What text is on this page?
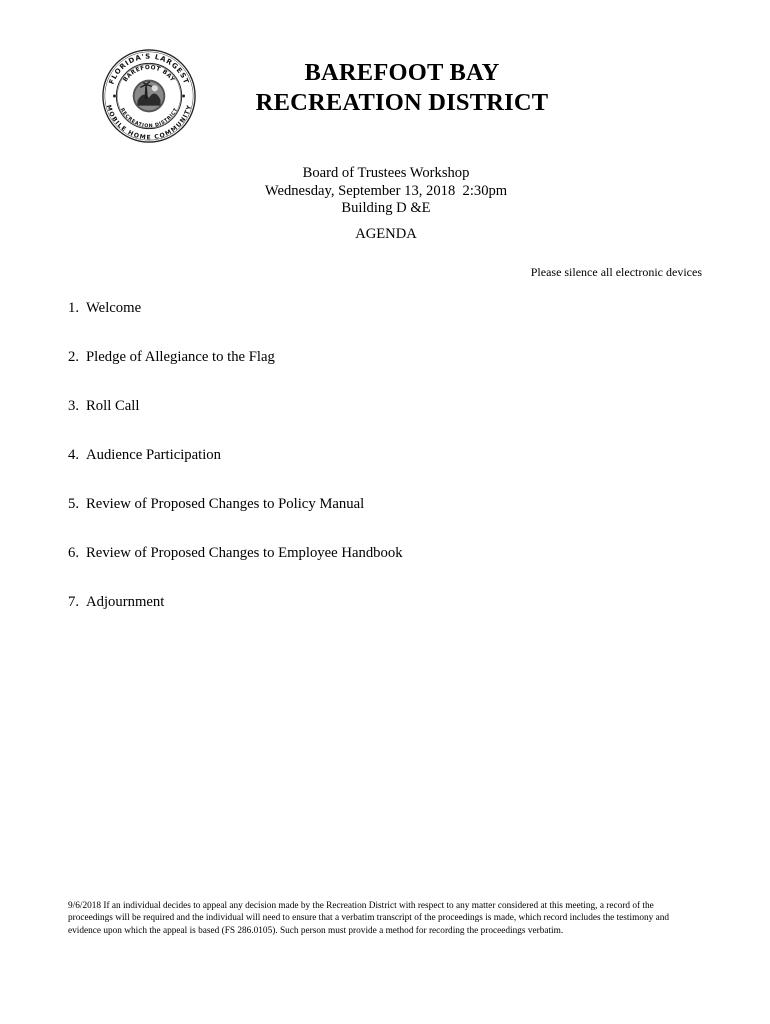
FLORIDA'S LARGEST
MOBILE HOME COMMUNITY
BAREFOOT BAY
RECREATION DISTRICT
BAREFOOT BAY
RECREATION DISTRICT
Board of Trustees Workshop
Wednesday, September 13, 2018  2:30pm
Building D &E
AGENDA
Please silence all electronic devices
1. Welcome
2. Pledge of Allegiance to the Flag
3. Roll Call
4. Audience Participation
5. Review of Proposed Changes to Policy Manual
6. Review of Proposed Changes to Employee Handbook
7. Adjournment
9/6/2018 If an individual decides to appeal any decision made by the Recreation District with respect to any matter considered at this meeting, a record of the proceedings will be required and the individual will need to ensure that a verbatim transcript of the proceedings is made, which record includes the testimony and evidence upon which the appeal is based (FS 286.0105). Such person must provide a method for recording the proceedings verbatim.
